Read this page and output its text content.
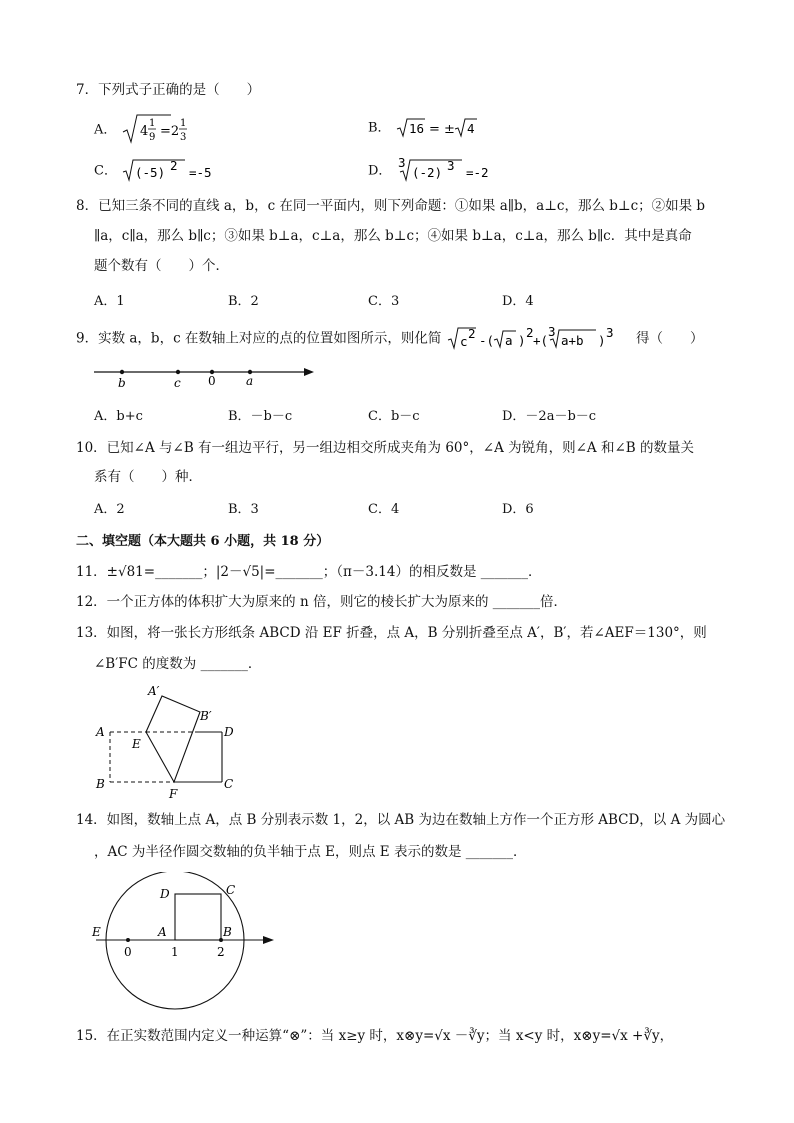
7．下列式子正确的是（　　）
A． 4
1
9 =2
1
3
B． 16 = ± 4
C． (-5) 2 =-5	D．
3
(-2) 3 =-2
8．已知三条不同的直线 a，b，c 在同一平面内，则下列命题：①如果 a∥b，a⊥c，那么 b⊥c；②如果 b
∥a，c∥a，那么 b∥c；③如果 b⊥a，c⊥a，那么 b⊥c；④如果 b⊥a，c⊥a，那么 b∥c．其中是真命
题个数有（　　）个．
A．1	B．2	C．3	D．4
9．实数 a，b，c 在数轴上对应的点的位置如图所示，则化简 c
2 -( a )
2
+(
3
a+b )
3 得（　　）
b	c 0	a
A．b+c	B．－b－c	C．b－c	D．－2a－b－c
10．已知∠A 与∠B 有一组边平行，另一组边相交所成夹角为 60°，∠A 为锐角，则∠A 和∠B 的数量关
系有（　　）种．
A．2	B．3	C．4	D．6
二、填空题（本大题共 6 小题，共 18 分）
11．±√81=_______；|2－√5|=_______；（π－3.14）的相反数是 _______．
12．一个正方体的体积扩大为原来的 n 倍，则它的棱长扩大为原来的 _______倍．
13．如图，将一张长方形纸条 ABCD 沿 EF 折叠，点 A，B 分别折叠至点 A′，B′，若∠AEF＝130°，则
∠B′FC 的度数为 _______．
A′
B′
A
E
D
B
F
C
14．如图，数轴上点 A，点 B 分别表示数 1，2，以 AB 为边在数轴上方作一个正方形 ABCD，以 A 为圆心
，AC 为半径作圆交数轴的负半轴于点 E，则点 E 表示的数是 _______．
D	C
E	A	B
0	1	2
15．在正实数范围内定义一种运算“⊗”：当 x≥y 时，x⊗y=√x －∛y；当 x<y 时，x⊗y=√x +∛y，
